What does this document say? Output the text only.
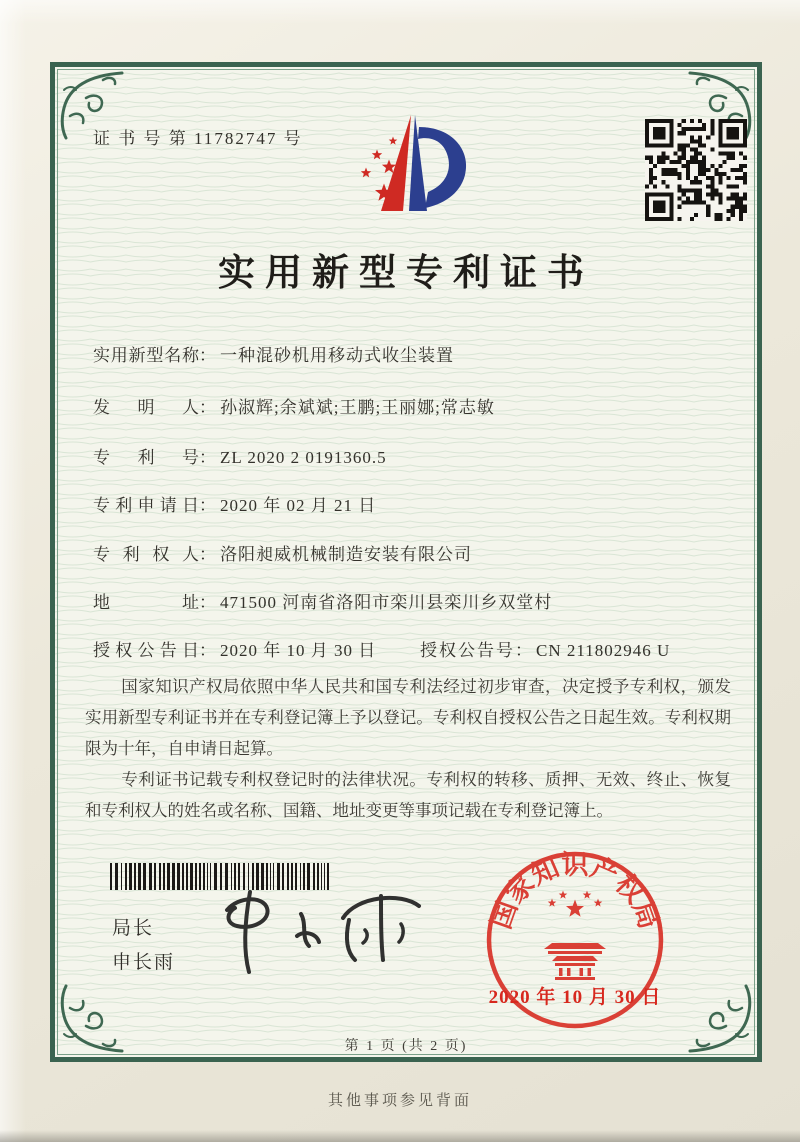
证 书 号 第 11782747 号
实用新型专利证书
实用新型名称： 一种混砂机用移动式收尘装置
发明人： 孙淑辉;余斌斌;王鹏;王丽娜;常志敏
专利号： ZL 2020 2 0191360.5
专利申请日： 2020 年 02 月 21 日
专利权人： 洛阳昶威机械制造安装有限公司
地址： 471500 河南省洛阳市栾川县栾川乡双堂村
授权公告日： 2020 年 10 月 30 日	授权公告号： CN 211802946 U

国家知识产权局依照中华人民共和国专利法经过初步审查，决定授予专利权，颁发实用新型专利证书并在专利登记簿上予以登记。专利权自授权公告之日起生效。专利权期限为十年，自申请日起算。

专利证书记载专利权登记时的法律状况。专利权的转移、质押、无效、终止、恢复和专利权人的姓名或名称、国籍、地址变更等事项记载在专利登记簿上。

局长
申长雨
国家知识产权局
2020 年 10 月 30 日
第 1 页 (共 2 页)
其他事项参见背面
